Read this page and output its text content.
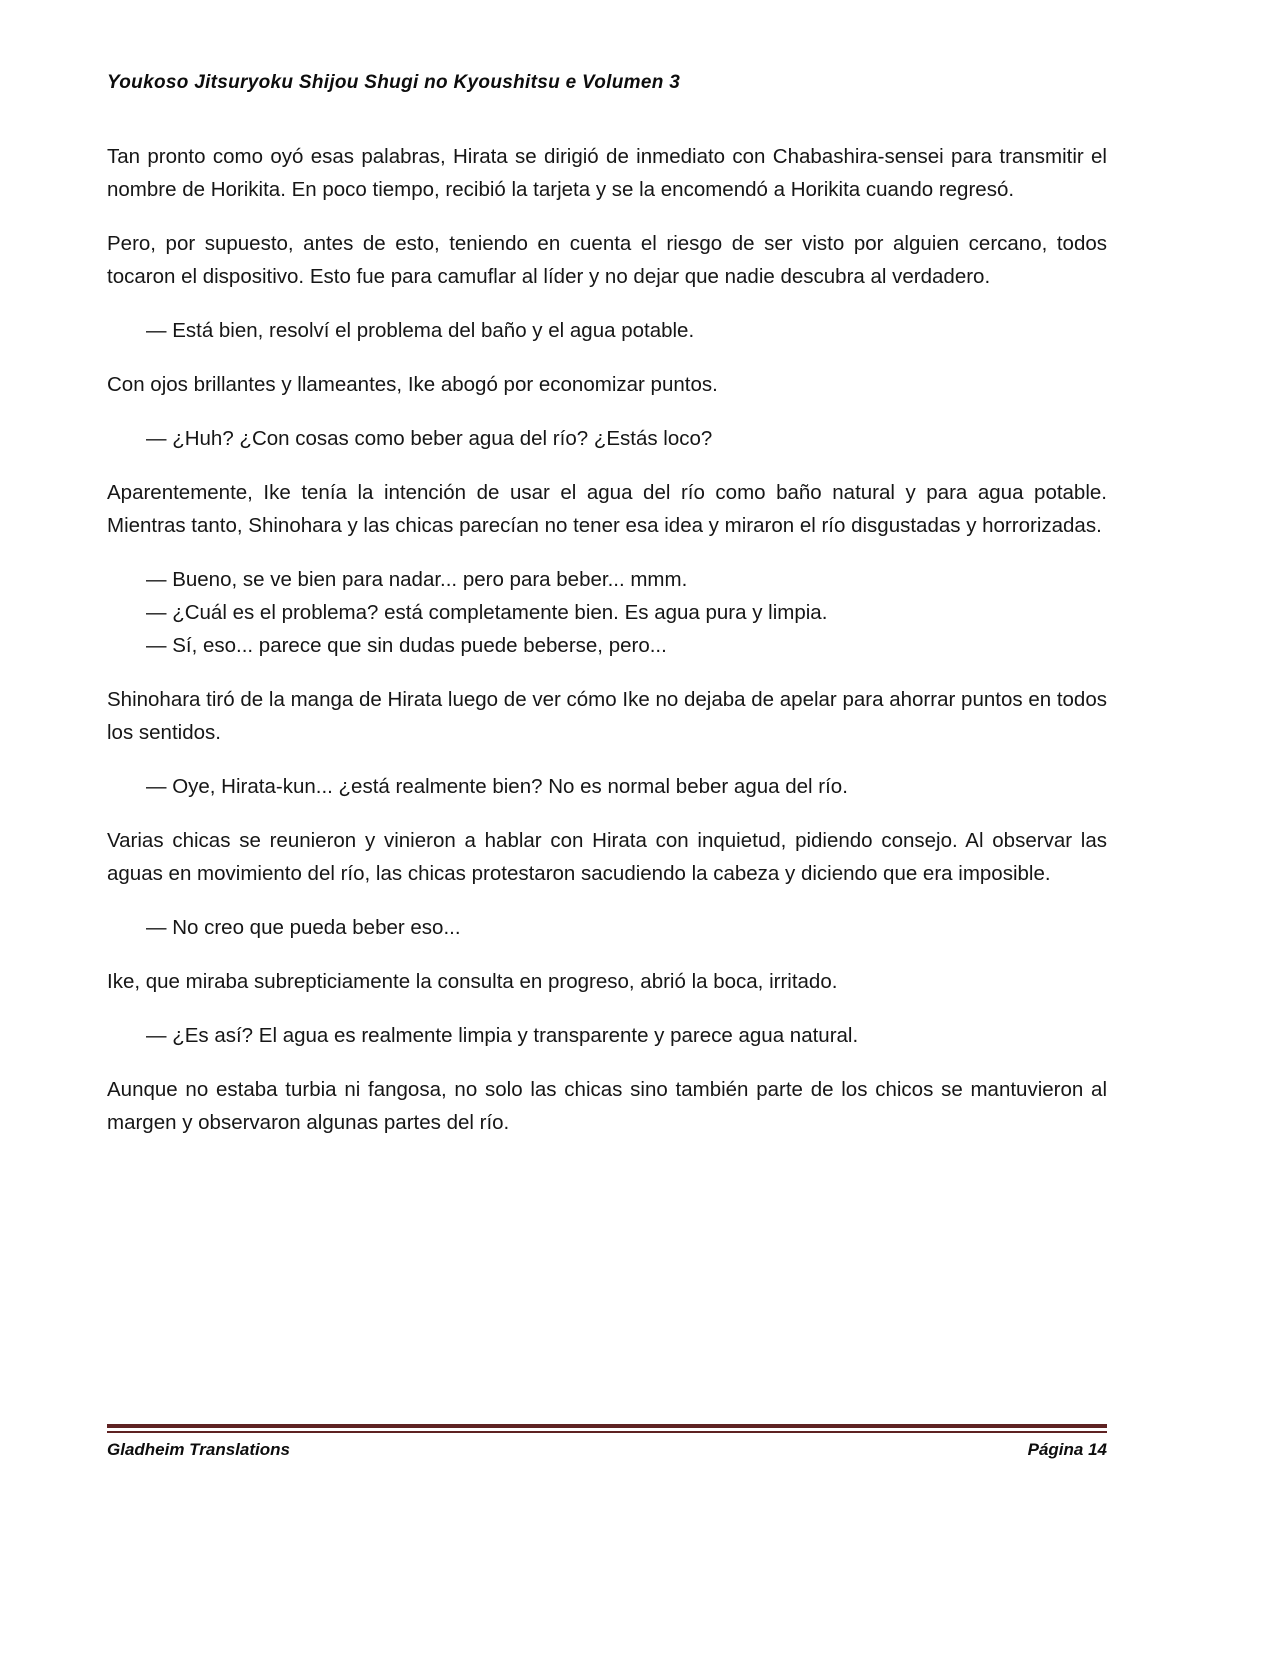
Youkoso Jitsuryoku Shijou Shugi no Kyoushitsu e Volumen 3

Tan pronto como oyó esas palabras, Hirata se dirigió de inmediato con Chabashira-sensei para transmitir el nombre de Horikita. En poco tiempo, recibió la tarjeta y se la encomendó a Horikita cuando regresó.

Pero, por supuesto, antes de esto, teniendo en cuenta el riesgo de ser visto por alguien cercano, todos tocaron el dispositivo. Esto fue para camuflar al líder y no dejar que nadie descubra al verdadero.

— Está bien, resolví el problema del baño y el agua potable.

Con ojos brillantes y llameantes, Ike abogó por economizar puntos.

— ¿Huh? ¿Con cosas como beber agua del río? ¿Estás loco?

Aparentemente, Ike tenía la intención de usar el agua del río como baño natural y para agua potable. Mientras tanto, Shinohara y las chicas parecían no tener esa idea y miraron el río disgustadas y horrorizadas.

— Bueno, se ve bien para nadar... pero para beber... mmm.

— ¿Cuál es el problema? está completamente bien. Es agua pura y limpia.

— Sí, eso... parece que sin dudas puede beberse, pero...

Shinohara tiró de la manga de Hirata luego de ver cómo Ike no dejaba de apelar para ahorrar puntos en todos los sentidos.

— Oye, Hirata-kun... ¿está realmente bien? No es normal beber agua del río.

Varias chicas se reunieron y vinieron a hablar con Hirata con inquietud, pidiendo consejo. Al observar las aguas en movimiento del río, las chicas protestaron sacudiendo la cabeza y diciendo que era imposible.

— No creo que pueda beber eso...

Ike, que miraba subrepticiamente la consulta en progreso, abrió la boca, irritado.

— ¿Es así? El agua es realmente limpia y transparente y parece agua natural.

Aunque no estaba turbia ni fangosa, no solo las chicas sino también parte de los chicos se mantuvieron al margen y observaron algunas partes del río.

Gladheim Translations	Página 14
